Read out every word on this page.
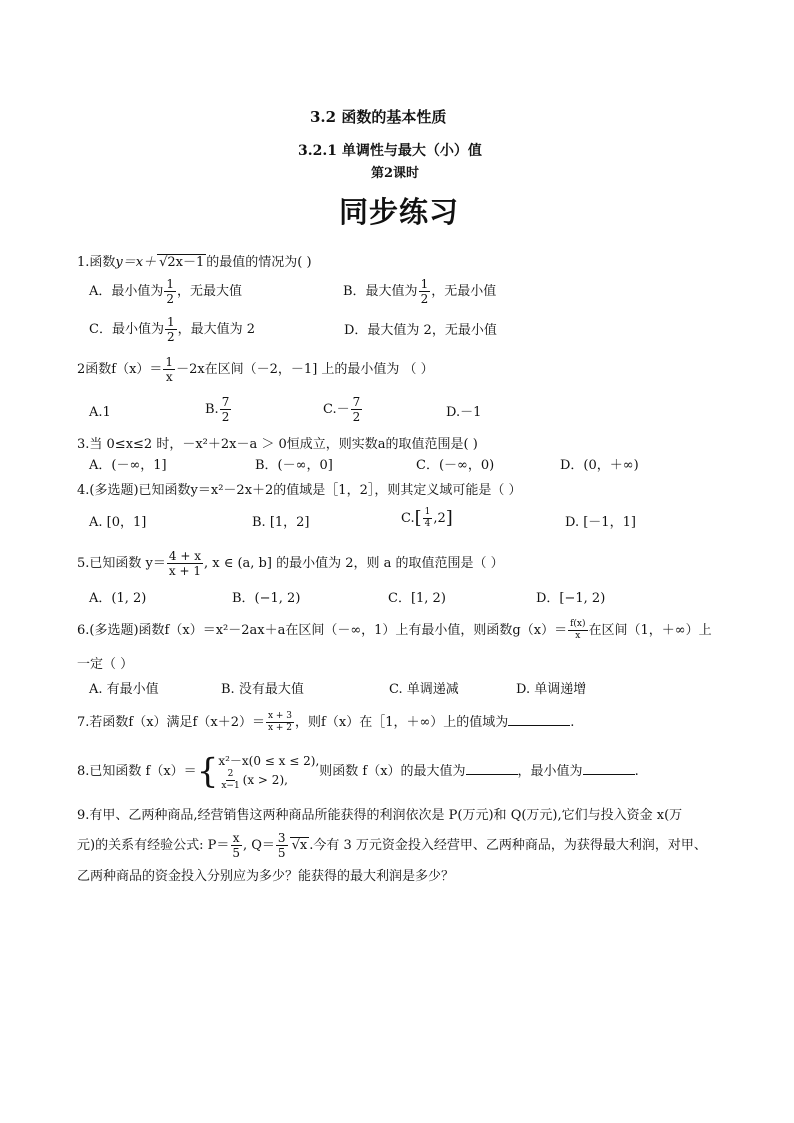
3.2 函数的基本性质
3.2.1 单调性与最大（小）值
第2课时
同步练习
1.函数y＝x＋ √2x－1 的最值的情况为( )
A．最小值为 $\frac{1}{2}$ ，无最大值	B．最大值为 $\frac{1}{2}$ ，无最小值
C．最小值为 $\frac{1}{2}$ ，最大值为 2	D．最大值为 2，无最小值
2函数$f(x)= \frac{1}{x} -2x$在区间（－2，－1] 上的最小值为 （ ）
A.1	B. $\frac{7}{2}$	$C.- \frac{7}{2}$	D.－1
3.当 0≤x≤2 时，－x²＋2x－a ＞ 0恒成立，则实数a的取值范围是( )
A．(－∞，1]	B．(－∞，0]	C．(－∞，0)	D．(0，＋∞)
4.(多选题)已知函数y＝x²－2x＋2的值域是［1，2］，则其定义域可能是（ ）
A. [0，1]	B. [1，2]	$C.[ \frac{1}{4} ,2]$	D. [－1，1]
5.已知函数 $y= \frac{4 + x}{x + 1}$ , x ∈ (a, b] 的最小值为 2，则 a 的取值范围是（ ）
A．(1, 2)	B．(−1, 2)	C．[1, 2)	D．[−1, 2)
6.(多选题)函数f（x）＝x²－2ax＋a在区间（－∞，1）上有最小值，则函数$g(x)= \frac{f(x)}{x}$ 在区间（1，＋∞）上
一定（ ）
A. 有最小值	B. 没有最大值	C. 单调递减	D. 单调递增
7.若函数f（x）满足$f(x+2)= \frac{x + 3}{x + 2}$ ，则f（x）在［1，＋∞）上的值域为	.
8.已知函数 f（x）＝{ x²－x(0 ≤ x ≤ 2),
$\frac{2}{x-1} (x > 2)$,
则函数 f（x）的最大值为	，最小值为	.
9.有甲、乙两种商品,经营销售这两种商品所能获得的利润依次是 P(万元)和 Q(万元),它们与投入资金 x(万
元)的关系有经验公式: $P= \frac{x}{5}$ , $Q= \frac{3}{5} √x$ .今有 3 万元资金投入经营甲、乙两种商品，为获得最大利润，对甲、
乙两种商品的资金投入分别应为多少？能获得的最大利润是多少？
